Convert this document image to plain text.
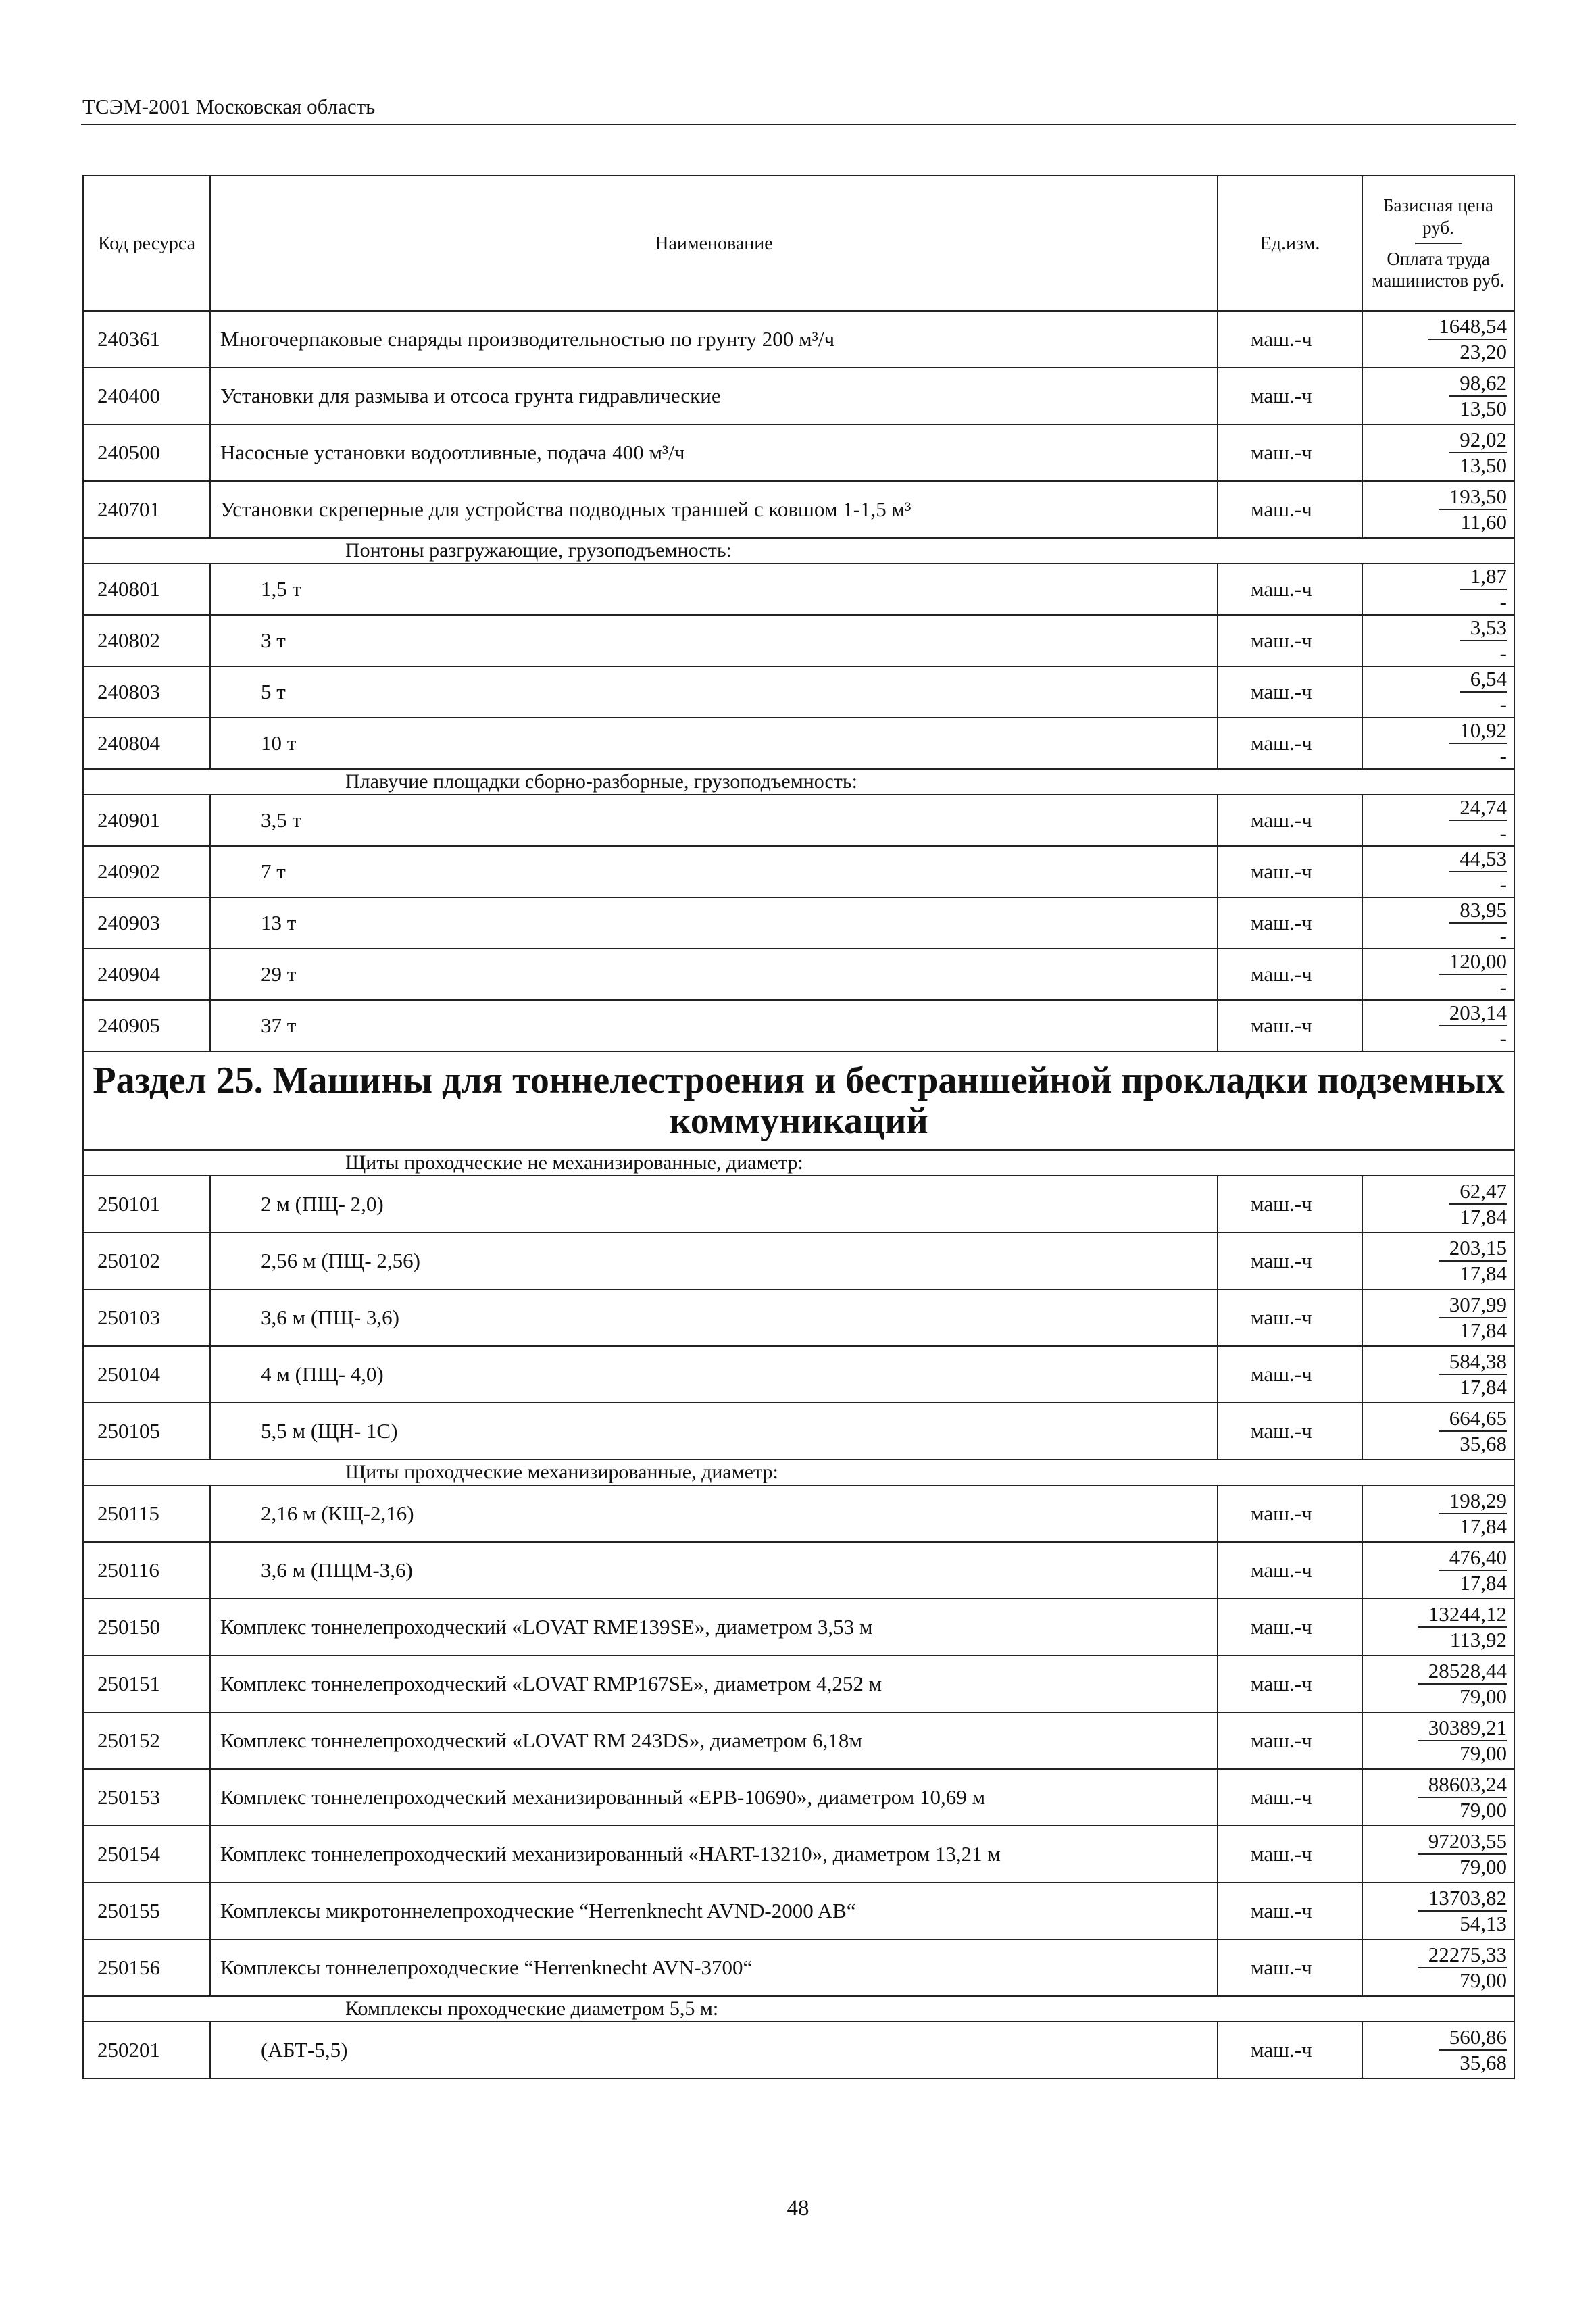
ТСЭМ-2001 Московская область
Код ресурса	Наименование	Ед.изм.	Базисная цена руб.
Оплата труда машинистов руб.
240361	Многочерпаковые снаряды производительностью по грунту 200 м³/ч	маш.-ч	1648,54
23,20

240400	Установки для размыва и отсоса грунта гидравлические	маш.-ч	98,62
13,50

240500	Насосные установки водоотливные, подача 400 м³/ч	маш.-ч	92,02
13,50

240701	Установки скреперные для устройства подводных траншей с ковшом 1-1,5 м³	маш.-ч	193,50
11,60

	Понтоны разгружающие, грузоподъемность:		
240801	1,5 т	маш.-ч	1,87
-

240802	3 т	маш.-ч	3,53
-

240803	5 т	маш.-ч	6,54
-

240804	10 т	маш.-ч	10,92
-

	Плавучие площадки сборно-разборные, грузоподъемность:		
240901	3,5 т	маш.-ч	24,74
-

240902	7 т	маш.-ч	44,53
-

240903	13 т	маш.-ч	83,95
-

240904	29 т	маш.-ч	120,00
-

240905	37 т	маш.-ч	203,14
-

Раздел 25. Машины для тоннелестроения и бестраншейной прокладки подземных коммуникаций			
	Щиты проходческие не механизированные, диаметр:		
250101	2 м (ПЩ- 2,0)	маш.-ч	62,47
17,84

250102	2,56 м (ПЩ- 2,56)	маш.-ч	203,15
17,84

250103	3,6 м (ПЩ- 3,6)	маш.-ч	307,99
17,84

250104	4 м (ПЩ- 4,0)	маш.-ч	584,38
17,84

250105	5,5 м (ЩН- 1С)	маш.-ч	664,65
35,68

	Щиты проходческие механизированные, диаметр:		
250115	2,16 м (КЩ-2,16)	маш.-ч	198,29
17,84

250116	3,6 м (ПЩМ-3,6)	маш.-ч	476,40
17,84

250150	Комплекс тоннелепроходческий «LOVAT RME139SE», диаметром 3,53 м	маш.-ч	13244,12
113,92

250151	Комплекс тоннелепроходческий «LOVAT RMP167SE», диаметром 4,252 м	маш.-ч	28528,44
79,00

250152	Комплекс тоннелепроходческий «LOVAT RM 243DS», диаметром 6,18м	маш.-ч	30389,21
79,00

250153	Комплекс тоннелепроходческий механизированный «EPB-10690», диаметром 10,69 м	маш.-ч	88603,24
79,00

250154	Комплекс тоннелепроходческий механизированный «HART-13210», диаметром 13,21 м	маш.-ч	97203,55
79,00

250155	Комплексы микротоннелепроходческие “Herrenknecht AVND-2000 AB“	маш.-ч	13703,82
54,13

250156	Комплексы тоннелепроходческие “Herrenknecht AVN-3700“	маш.-ч	22275,33
79,00

	Комплексы проходческие диаметром 5,5 м:		
250201	(АБТ-5,5)	маш.-ч	560,86
35,68
48
